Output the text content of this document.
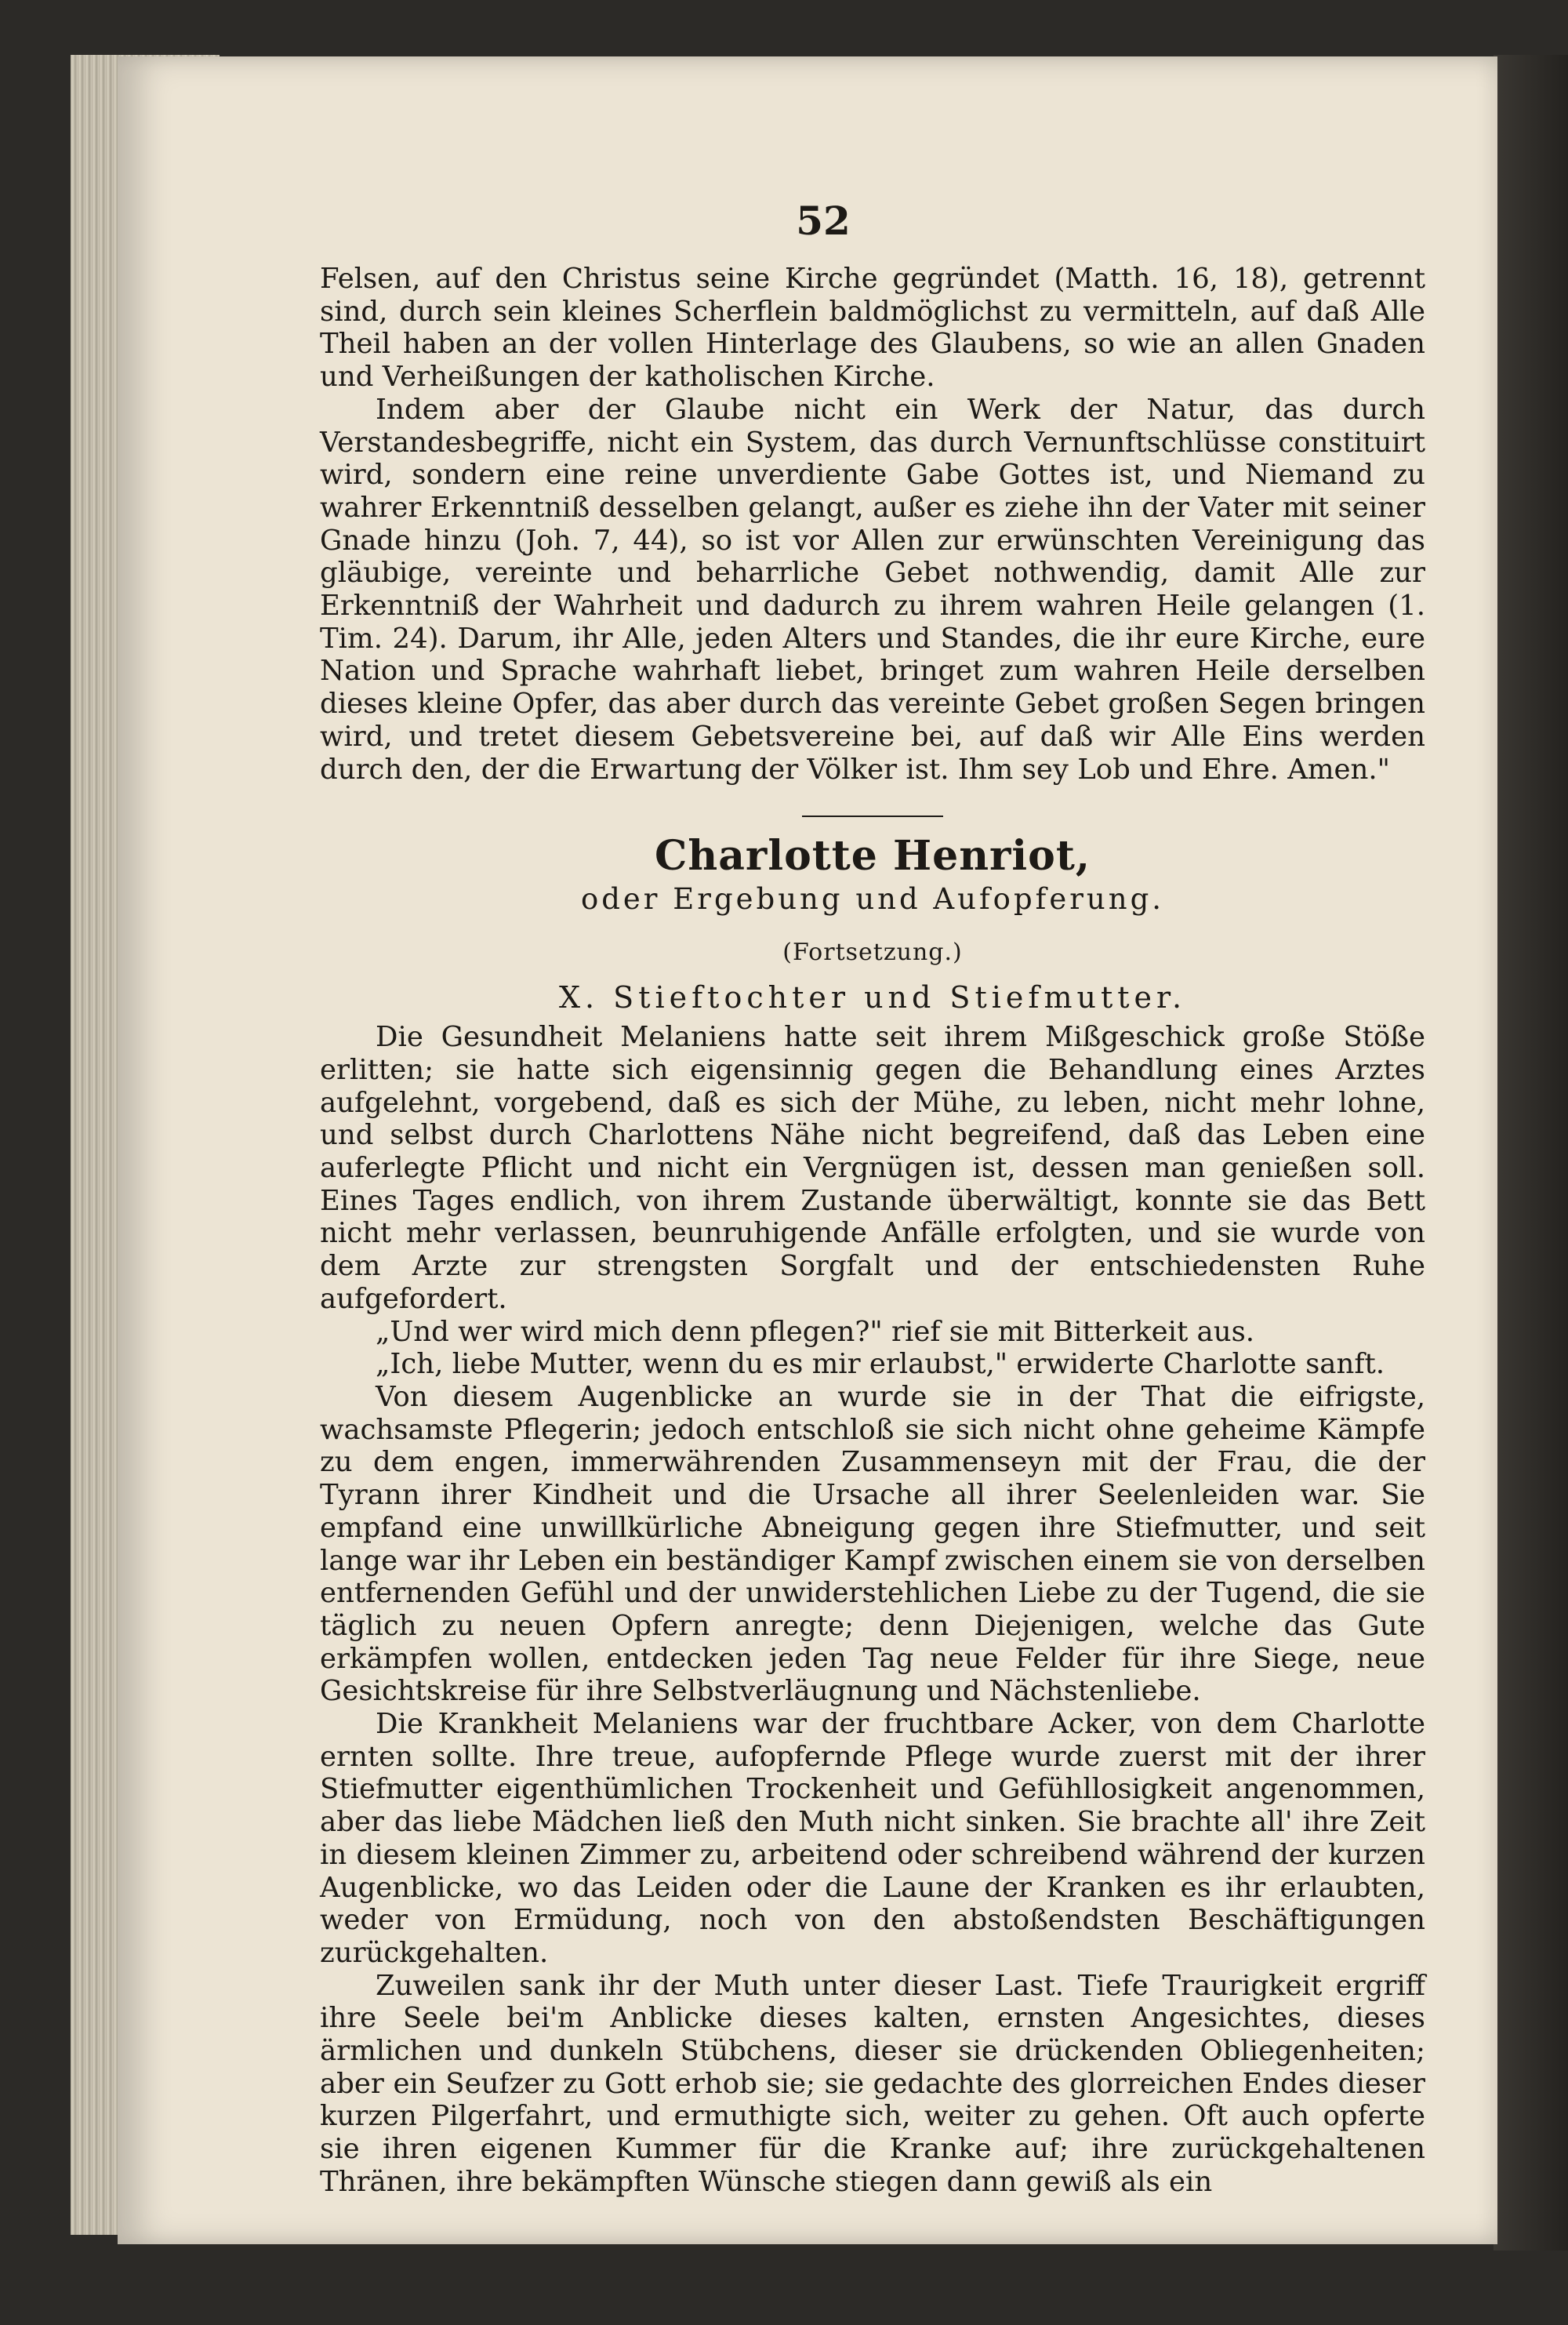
52

Felsen, auf den Christus seine Kirche gegründet (Matth. 16, 18), getrennt sind, durch sein kleines Scherflein baldmöglichst zu vermitteln, auf daß Alle Theil haben an der vollen Hinterlage des Glaubens, so wie an allen Gnaden und Verheißungen der katholischen Kirche.

Indem aber der Glaube nicht ein Werk der Natur, das durch Verstandesbegriffe, nicht ein System, das durch Vernunftschlüsse constituirt wird, sondern eine reine unverdiente Gabe Gottes ist, und Niemand zu wahrer Erkenntniß desselben gelangt, außer es ziehe ihn der Vater mit seiner Gnade hinzu (Joh. 7, 44), so ist vor Allen zur erwünschten Vereinigung das gläubige, vereinte und beharrliche Gebet nothwendig, damit Alle zur Erkenntniß der Wahrheit und dadurch zu ihrem wahren Heile gelangen (1. Tim. 24). Darum, ihr Alle, jeden Alters und Standes, die ihr eure Kirche, eure Nation und Sprache wahrhaft liebet, bringet zum wahren Heile derselben dieses kleine Opfer, das aber durch das vereinte Gebet großen Segen bringen wird, und tretet diesem Gebetsvereine bei, auf daß wir Alle Eins werden durch den, der die Erwartung der Völker ist. Ihm sey Lob und Ehre. Amen."

Charlotte Henriot,
oder Ergebung und Aufopferung.
(Fortsetzung.)
X. Stieftochter und Stiefmutter.

Die Gesundheit Melaniens hatte seit ihrem Mißgeschick große Stöße erlitten; sie hatte sich eigensinnig gegen die Behandlung eines Arztes aufgelehnt, vorgebend, daß es sich der Mühe, zu leben, nicht mehr lohne, und selbst durch Charlottens Nähe nicht begreifend, daß das Leben eine auferlegte Pflicht und nicht ein Vergnügen ist, dessen man genießen soll. Eines Tages endlich, von ihrem Zustande überwältigt, konnte sie das Bett nicht mehr verlassen, beunruhigende Anfälle erfolgten, und sie wurde von dem Arzte zur strengsten Sorgfalt und der entschiedensten Ruhe aufgefordert.

„Und wer wird mich denn pflegen?" rief sie mit Bitterkeit aus.

„Ich, liebe Mutter, wenn du es mir erlaubst," erwiderte Charlotte sanft.

Von diesem Augenblicke an wurde sie in der That die eifrigste, wachsamste Pflegerin; jedoch entschloß sie sich nicht ohne geheime Kämpfe zu dem engen, immerwährenden Zusammenseyn mit der Frau, die der Tyrann ihrer Kindheit und die Ursache all ihrer Seelenleiden war. Sie empfand eine unwillkürliche Abneigung gegen ihre Stiefmutter, und seit lange war ihr Leben ein beständiger Kampf zwischen einem sie von derselben entfernenden Gefühl und der unwiderstehlichen Liebe zu der Tugend, die sie täglich zu neuen Opfern anregte; denn Diejenigen, welche das Gute erkämpfen wollen, entdecken jeden Tag neue Felder für ihre Siege, neue Gesichtskreise für ihre Selbstverläugnung und Nächstenliebe.

Die Krankheit Melaniens war der fruchtbare Acker, von dem Charlotte ernten sollte. Ihre treue, aufopfernde Pflege wurde zuerst mit der ihrer Stiefmutter eigenthümlichen Trockenheit und Gefühllosigkeit angenommen, aber das liebe Mädchen ließ den Muth nicht sinken. Sie brachte all' ihre Zeit in diesem kleinen Zimmer zu, arbeitend oder schreibend während der kurzen Augenblicke, wo das Leiden oder die Laune der Kranken es ihr erlaubten, weder von Ermüdung, noch von den abstoßendsten Beschäftigungen zurückgehalten.

Zuweilen sank ihr der Muth unter dieser Last. Tiefe Traurigkeit ergriff ihre Seele bei'm Anblicke dieses kalten, ernsten Angesichtes, dieses ärmlichen und dunkeln Stübchens, dieser sie drückenden Obliegenheiten; aber ein Seufzer zu Gott erhob sie; sie gedachte des glorreichen Endes dieser kurzen Pilgerfahrt, und ermuthigte sich, weiter zu gehen. Oft auch opferte sie ihren eigenen Kummer für die Kranke auf; ihre zurückgehaltenen Thränen, ihre bekämpften Wünsche stiegen dann gewiß als ein
